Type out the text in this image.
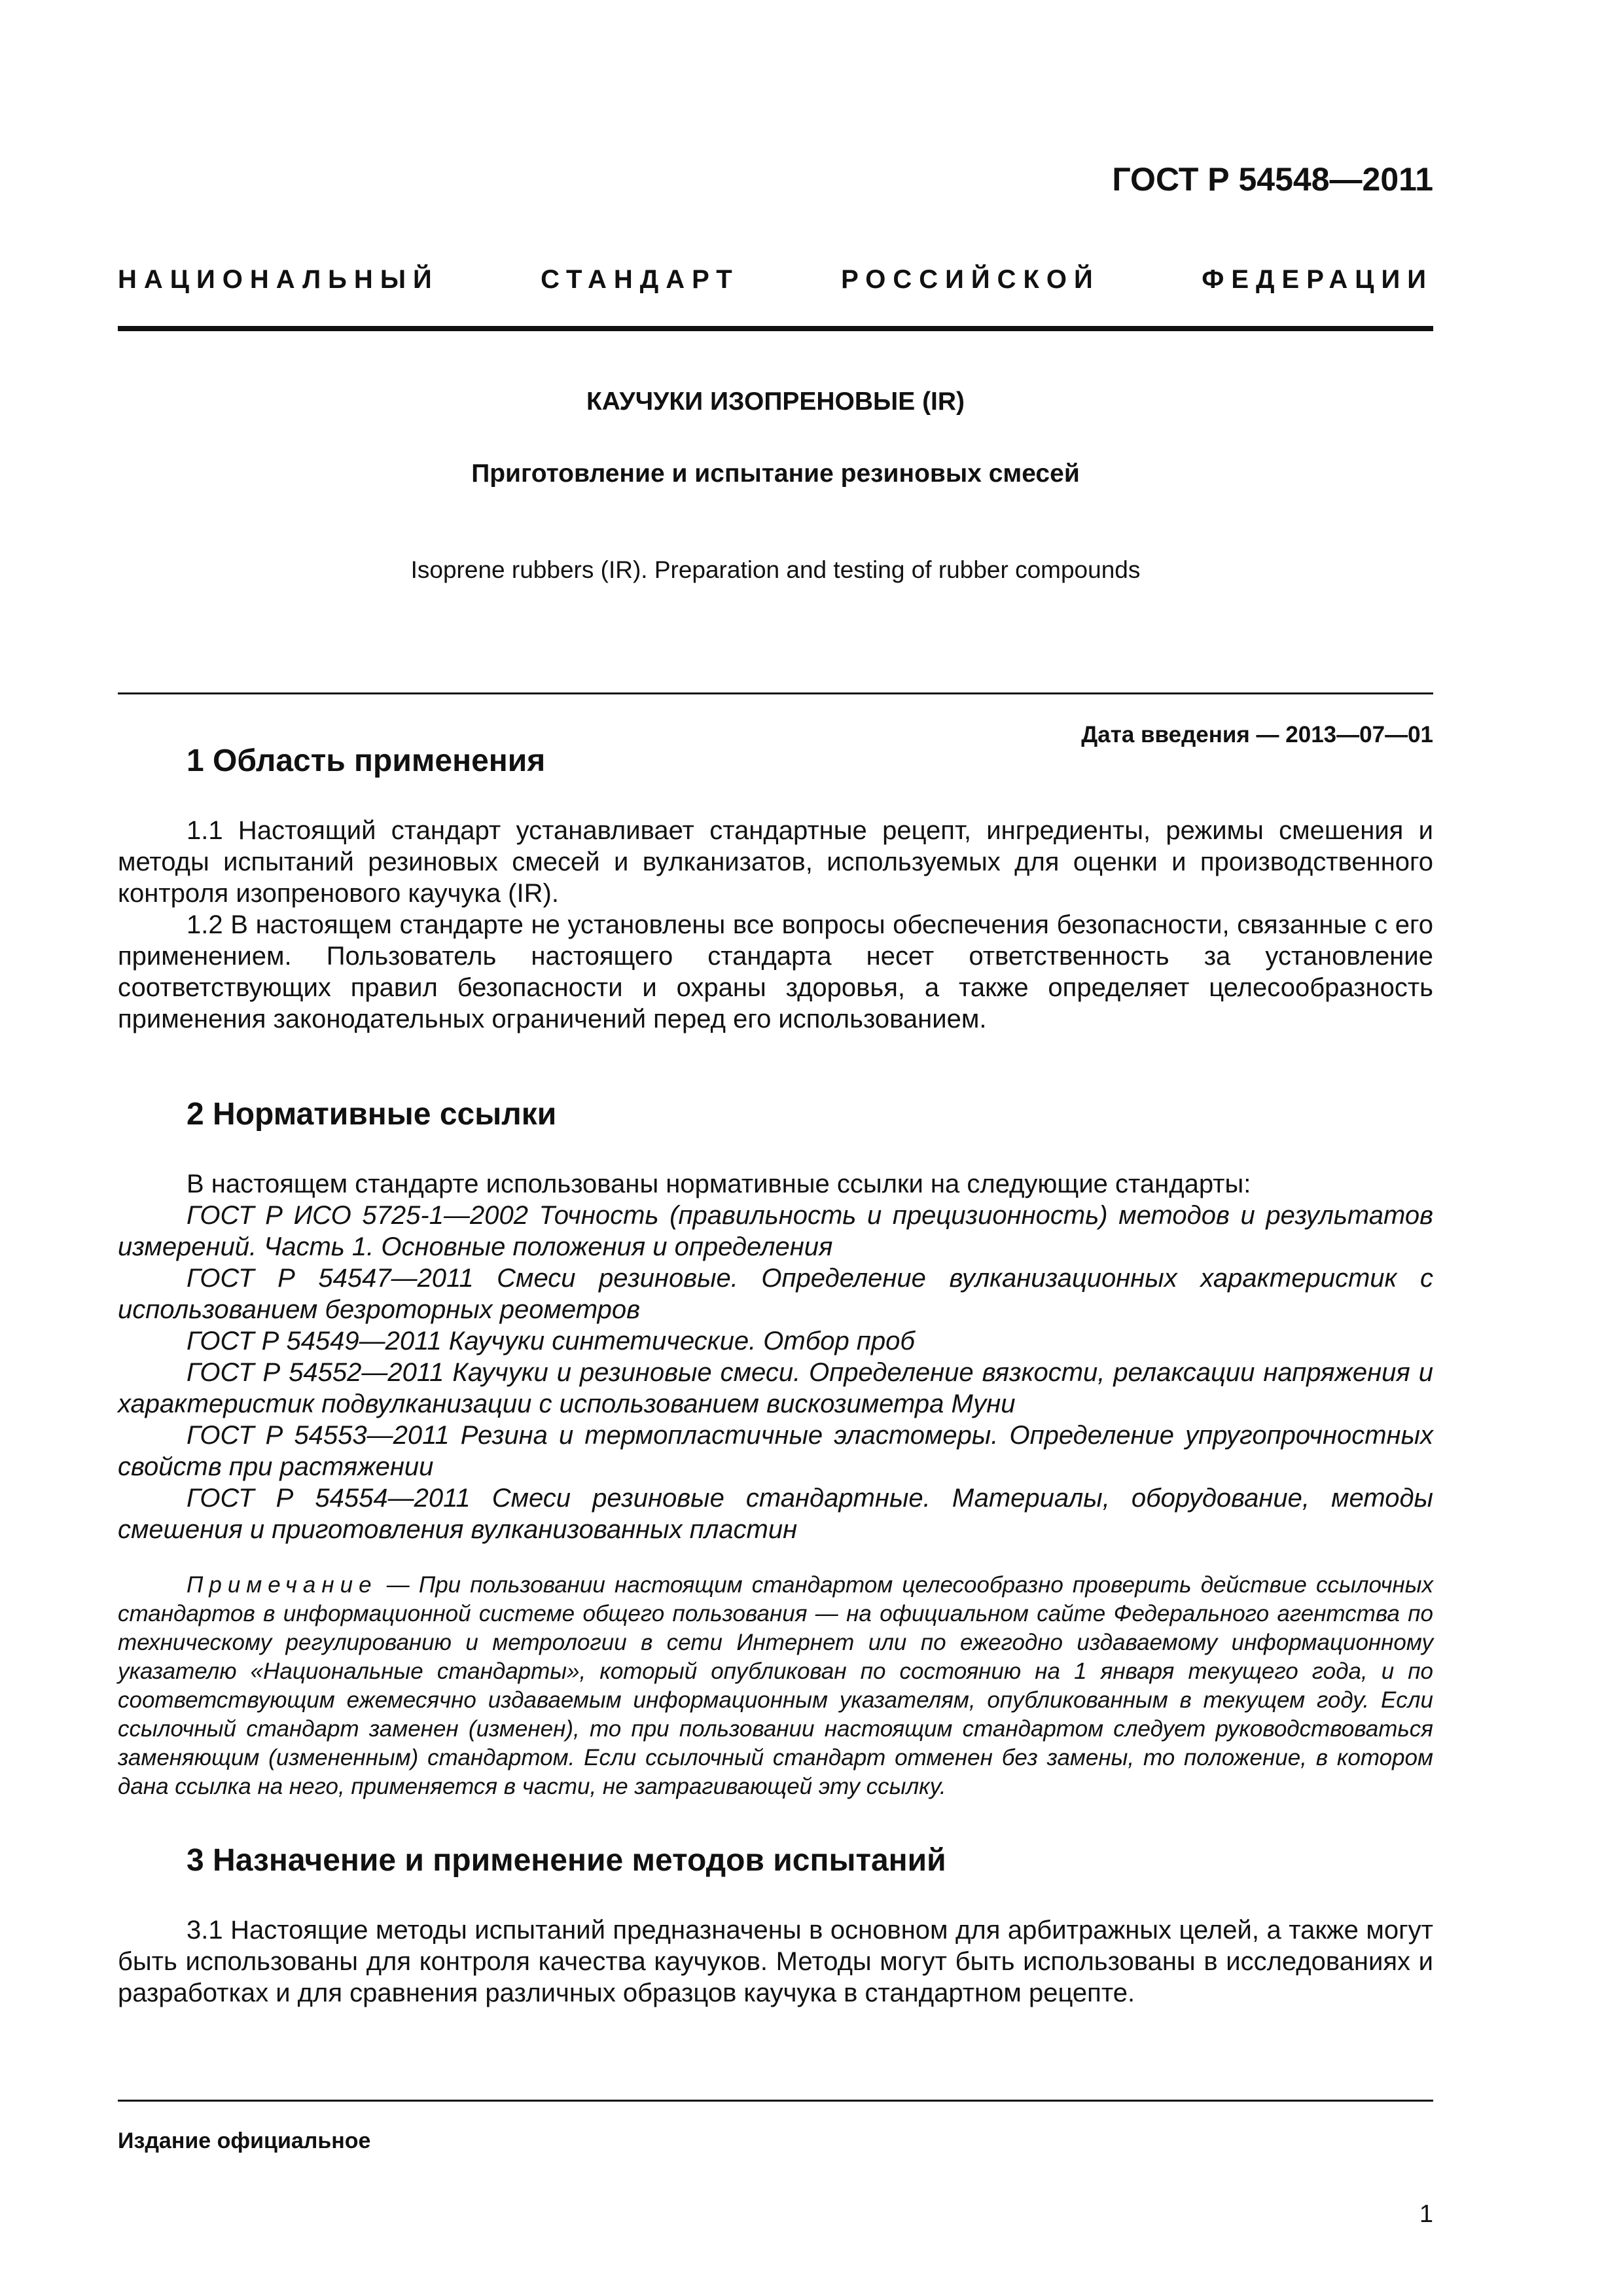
ГОСТ Р 54548—2011
НАЦИОНАЛЬНЫЙ	СТАНДАРТ	РОССИЙСКОЙ	ФЕДЕРАЦИИ
КАУЧУКИ ИЗОПРЕНОВЫЕ (IR)
Приготовление и испытание резиновых смесей
Isoprene rubbers (IR). Preparation and testing of rubber compounds
Дата введения — 2013—07—01
1 Область применения

1.1 Настоящий стандарт устанавливает стандартные рецепт, ингредиенты, режимы смешения и методы испытаний резиновых смесей и вулканизатов, используемых для оценки и производственного контроля изопренового каучука (IR).

1.2 В настоящем стандарте не установлены все вопросы обеспечения безопасности, связанные с его применением. Пользователь настоящего стандарта несет ответственность за установление соответствующих правил безопасности и охраны здоровья, а также определяет целесообразность применения законодательных ограничений перед его использованием.

2 Нормативные ссылки

В настоящем стандарте использованы нормативные ссылки на следующие стандарты:

ГОСТ Р ИСО 5725-1—2002 Точность (правильность и прецизионность) методов и результатов измерений. Часть 1. Основные положения и определения

ГОСТ Р 54547—2011 Смеси резиновые. Определение вулканизационных характеристик с использованием безроторных реометров

ГОСТ Р 54549—2011 Каучуки синтетические. Отбор проб

ГОСТ Р 54552—2011 Каучуки и резиновые смеси. Определение вязкости, релаксации напряжения и характеристик подвулканизации с использованием вискозиметра Муни

ГОСТ Р 54553—2011 Резина и термопластичные эластомеры. Определение упругопрочностных свойств при растяжении

ГОСТ Р 54554—2011 Смеси резиновые стандартные. Материалы, оборудование, методы смешения и приготовления вулканизованных пластин

Примечание — При пользовании настоящим стандартом целесообразно проверить действие ссылочных стандартов в информационной системе общего пользования — на официальном сайте Федерального агентства по техническому регулированию и метрологии в сети Интернет или по ежегодно издаваемому информационному указателю «Национальные стандарты», который опубликован по состоянию на 1 января текущего года, и по соответствующим ежемесячно издаваемым информационным указателям, опубликованным в текущем году. Если ссылочный стандарт заменен (изменен), то при пользовании настоящим стандартом следует руководствоваться заменяющим (измененным) стандартом. Если ссылочный стандарт отменен без замены, то положение, в котором дана ссылка на него, применяется в части, не затрагивающей эту ссылку.
3 Назначение и применение методов испытаний

3.1 Настоящие методы испытаний предназначены в основном для арбитражных целей, а также могут быть использованы для контроля качества каучуков. Методы могут быть использованы в исследованиях и разработках и для сравнения различных образцов каучука в стандартном рецепте.

Издание официальное
1
